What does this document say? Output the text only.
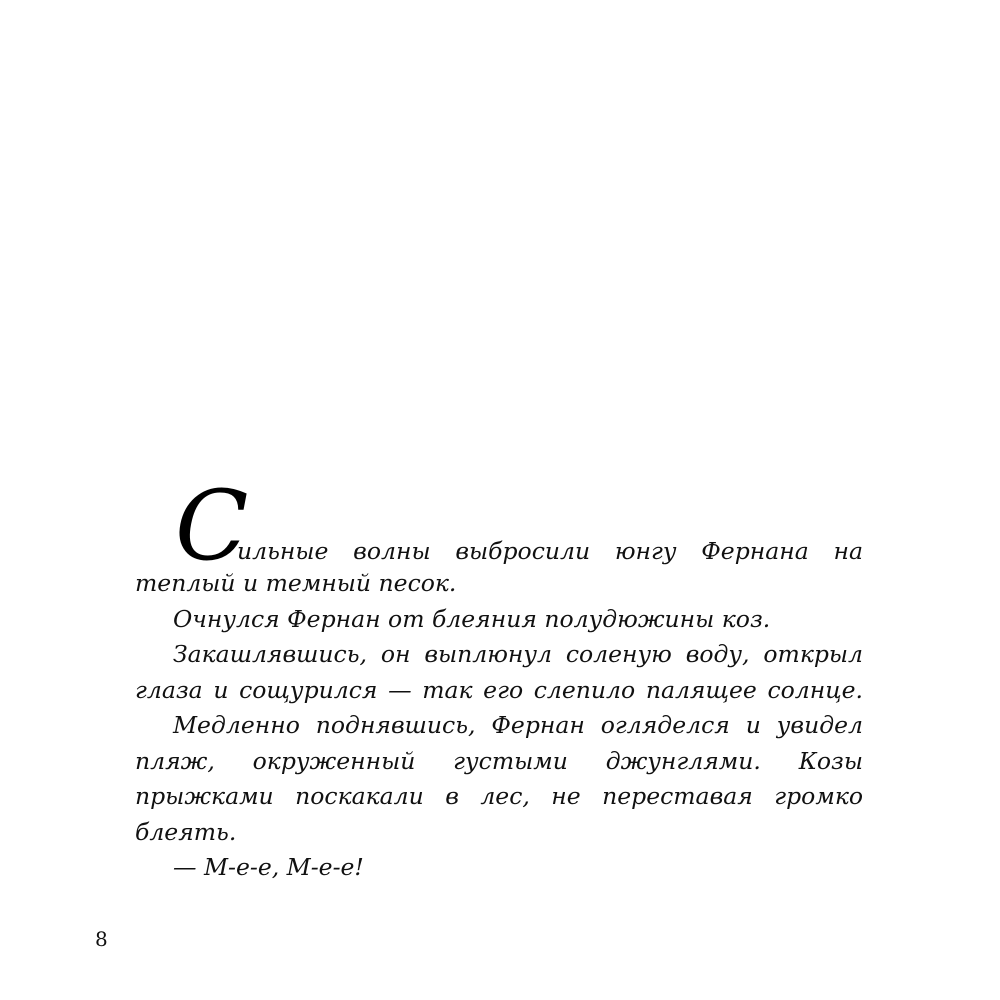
С
ильные волны выбросили юнгу Фернана на
теплый и темный песок.
Очнулся Фернан от блеяния полудюжины коз.
Закашлявшись, он выплюнул соленую воду, открыл
глаза и сощурился — так его слепило палящее солнце.
Медленно поднявшись, Фернан огляделся и увидел
пляж, окруженный густыми джунглями. Козы
прыжками поскакали в лес, не переставая громко
блеять.
— М-е-е, М-е-е!
8
